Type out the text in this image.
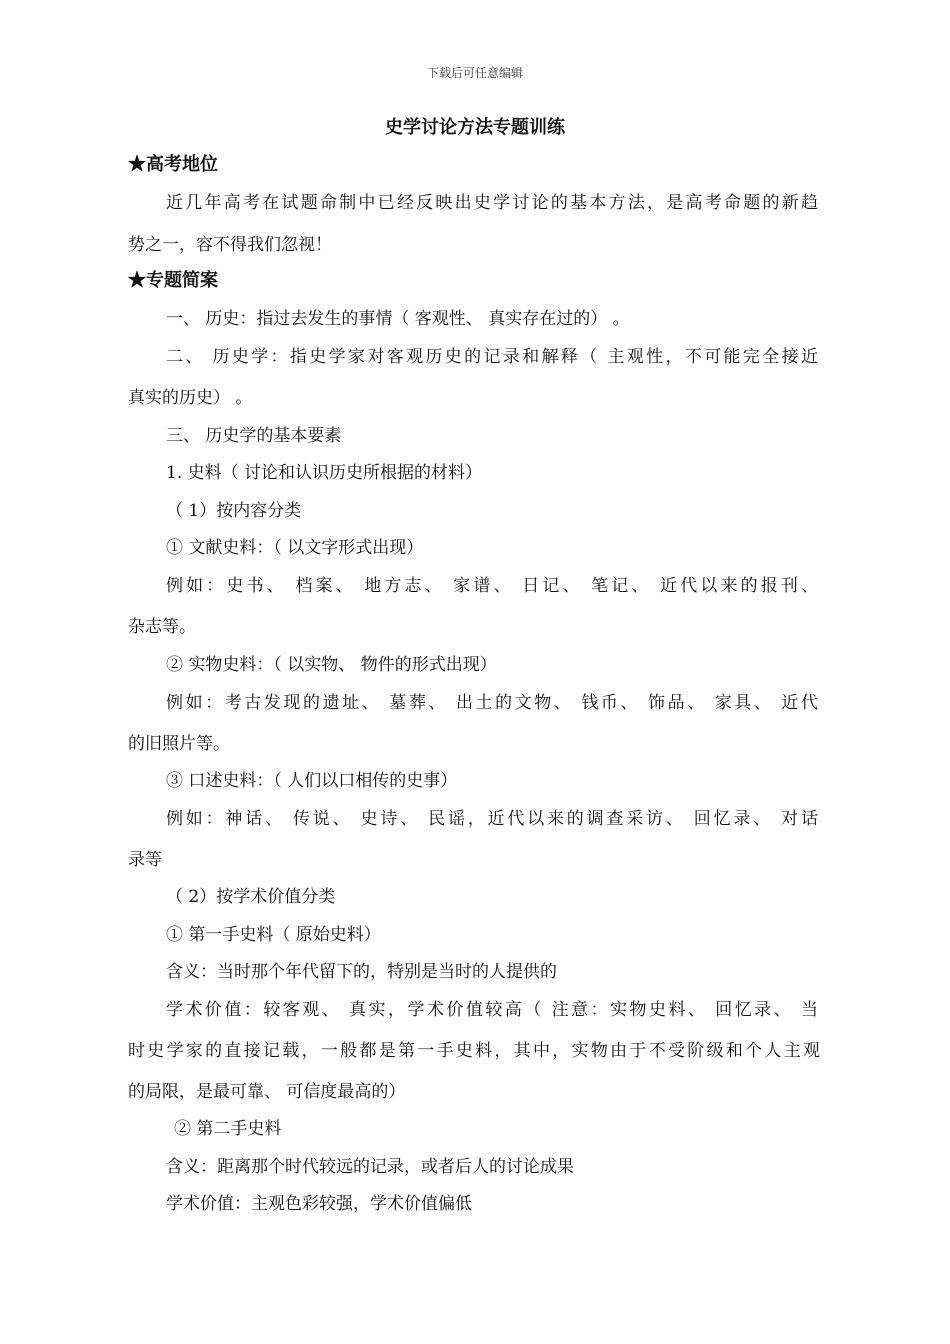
下载后可任意编辑
史学讨论方法专题训练
★高考地位
近几年高考在试题命制中已经反映出史学讨论的基本方法，是高考命题的新趋
势之一，容不得我们忽视！
★专题简案
一、 历史：指过去发生的事情（ 客观性、 真实存在过的） 。
二、 历史学：指史学家对客观历史的记录和解释（ 主观性，不可能完全接近
真实的历史） 。
三、 历史学的基本要素
1. 史料（ 讨论和认识历史所根据的材料）
（ 1）按内容分类
① 文献史料：（ 以文字形式出现）
例如：史书、 档案、 地方志、 家谱、 日记、 笔记、 近代以来的报刊、
杂志等。
② 实物史料：（ 以实物、 物件的形式出现）
例如：考古发现的遗址、 墓葬、 出土的文物、 钱币、 饰品、 家具、 近代
的旧照片等。
③ 口述史料：（ 人们以口相传的史事）
例如：神话、 传说、 史诗、 民谣，近代以来的调查采访、 回忆录、 对话
录等
（ 2）按学术价值分类
① 第一手史料（ 原始史料）
含义：当时那个年代留下的，特别是当时的人提供的
学术价值：较客观、 真实，学术价值较高（ 注意：实物史料、 回忆录、 当
时史学家的直接记载，一般都是第一手史料，其中，实物由于不受阶级和个人主观
的局限，是最可靠、 可信度最高的）
② 第二手史料
含义：距离那个时代较远的记录，或者后人的讨论成果
学术价值：主观色彩较强，学术价值偏低
